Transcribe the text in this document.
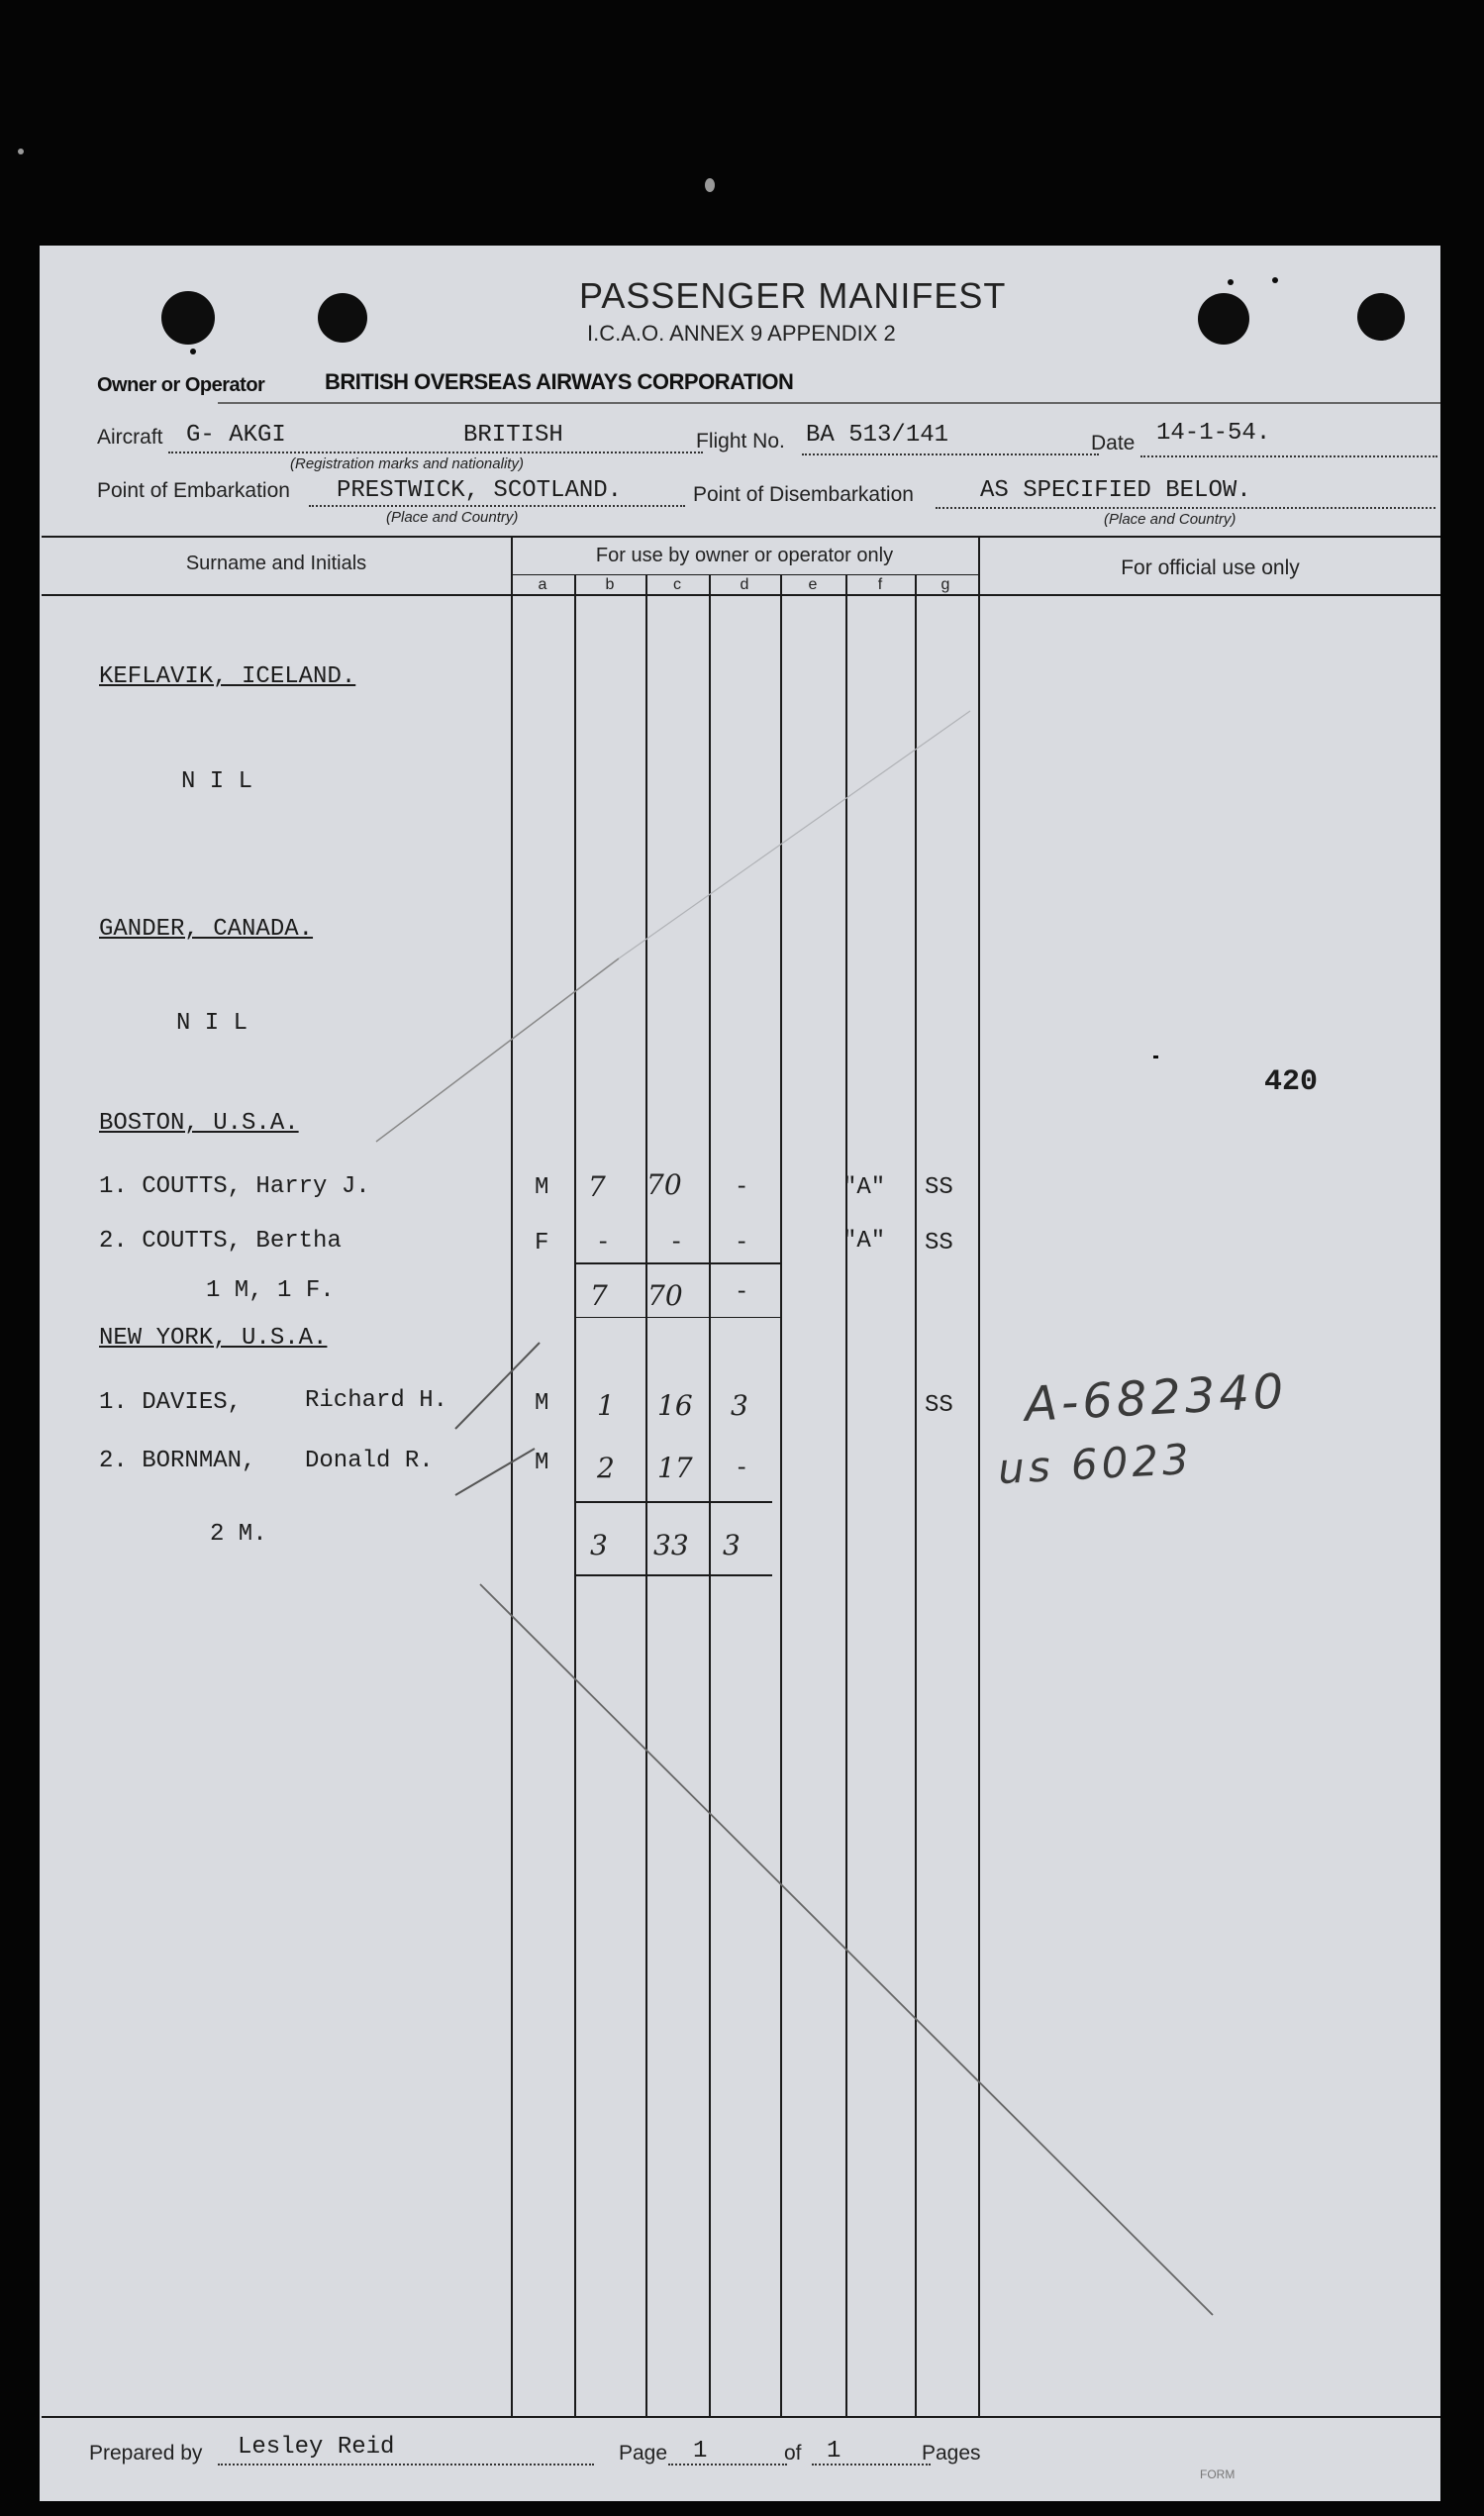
PASSENGER MANIFEST
I.C.A.O. ANNEX 9 APPENDIX 2
Owner or Operator	BRITISH OVERSEAS AIRWAYS CORPORATION
Aircraft G- AKGI	BRITISH
(Registration marks and nationality)
Flight No. BA 513/141	Date 14-1-54.
Point of Embarkation PRESTWICK, SCOTLAND.
(Place and Country)
Point of Disembarkation	AS SPECIFIED BELOW.
(Place and Country)
Surname and Initials	For use by owner or operator only
For official use only
a	b	c	d	e	f	g
KEFLAVIK, ICELAND.
N I L
GANDER, CANADA.
N I L
BOSTON, U.S.A.
1. COUTTS, Harry J.	M 7 70 -	"A" SS
2. COUTTS, Bertha	F - - -	"A" SS
1 M, 1 F.	7 70 -
NEW YORK, U.S.A.
1. DAVIES,	Richard H.	M 1 16 3	SS
2. BORNMAN, Donald R.	M 2 17 -
2 M.	3 33 3
420
A-682340
us 6023
Prepared by Lesley Reid	Page 1	of 1	Pages
FORM
